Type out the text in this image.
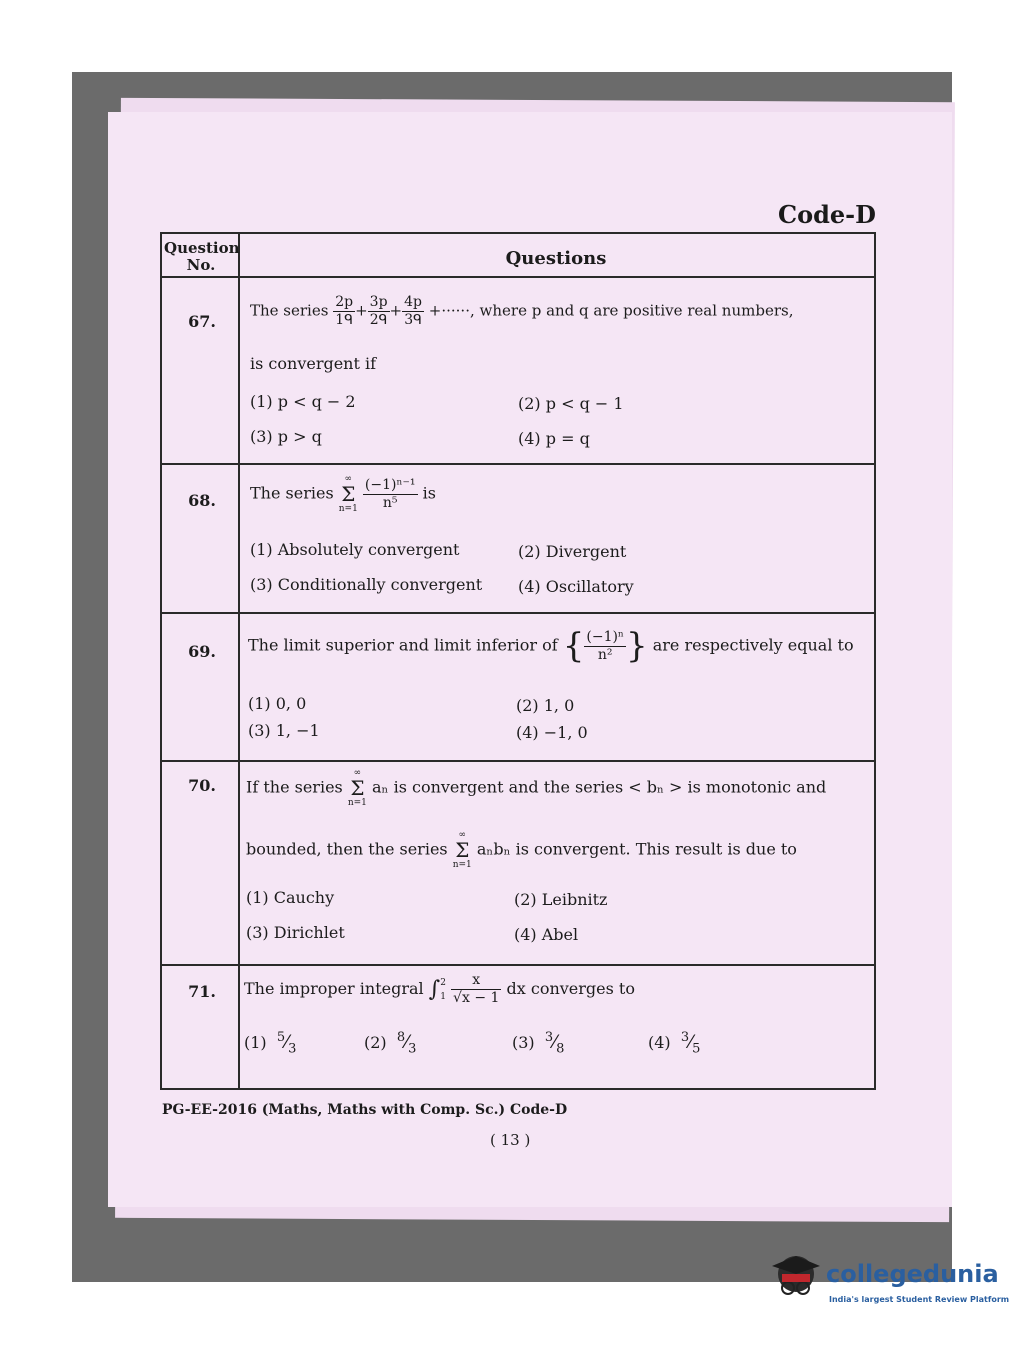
Code-D
Question
No.	Questions
67.
The series $\frac{2p}{\text{1ᑫ}} + \frac{3p}{\text{2ᑫ}} + \frac{4p}{\text{3ᑫ}}$ +······, where p and q are positive real numbers,
is convergent if
(1) p < q − 2	(2) p < q − 1
(3) p > q	(4) p = q
68.	The series
∞
Σ
n=1
$\frac{\text{(−1)ⁿ⁻¹}}{\text{n⁵}}$ is
(1) Absolutely convergent	(2) Divergent
(3) Conditionally convergent (4) Oscillatory
69.	The limit superior and limit inferior of { $\frac{\text{(−1)ⁿ}}{\text{n²}}$ } are respectively equal to
(1) 0, 0	(2) 1, 0
(3) 1, −1	(4) −1, 0
70.	If the series
∞
Σ
n=1
aₙ is convergent and the series < bₙ > is monotonic and
bounded, then the series
∞
Σ
n=1
aₙbₙ is convergent. This result is due to
(1) Cauchy	(2) Leibnitz
(3) Dirichlet	(4) Abel
71.	The improper integral ∫2
$1 \frac{x}{√x - 1}$ dx converges to
(1) $^5⁄_3$	(2) $^8⁄_3$	(3) $^3⁄_8$	(4) $^3⁄_5$
PG-EE-2016 (Maths, Maths with Comp. Sc.) Code-D
( 13 )
collegedunia
India's largest Student Review Platform
